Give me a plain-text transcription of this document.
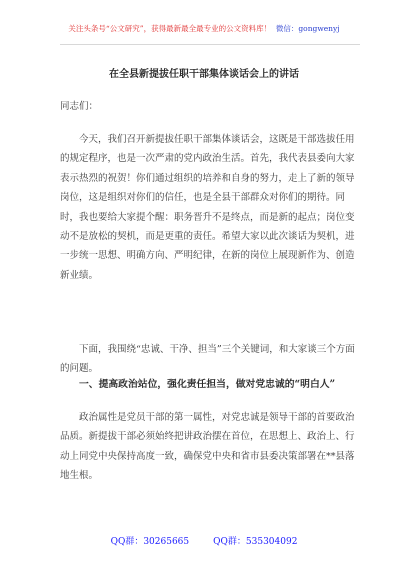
关注头条号“公文研究”，获得最新最全最专业的公文资料库！ 微信：gongwenyj
在全县新提拔任职干部集体谈话会上的讲话
同志们：
今天，我们召开新提拔任职干部集体谈话会，这既是干部选拔任用的规定程序，也是一次严肃的党内政治生活。首先，我代表县委向大家表示热烈的祝贺！你们通过组织的培养和自身的努力，走上了新的领导岗位，这是组织对你们的信任，也是全县干部群众对你们的期待。同时，我也要给大家提个醒：职务晋升不是终点，而是新的起点；岗位变动不是放松的契机，而是更重的责任。希望大家以此次谈话为契机，进一步统一思想、明确方向、严明纪律，在新的岗位上展现新作为、创造新业绩。
下面，我围绕“忠诚、干净、担当”三个关键词，和大家谈三个方面的问题。
一、提高政治站位，强化责任担当，做对党忠诚的“明白人”
政治属性是党员干部的第一属性，对党忠诚是领导干部的首要政治品质。新提拔干部必须始终把讲政治摆在首位，在思想上、政治上、行动上同党中央保持高度一致，确保党中央和省市县委决策部署在**县落地生根。
QQ群：30265665	QQ群：535304092
